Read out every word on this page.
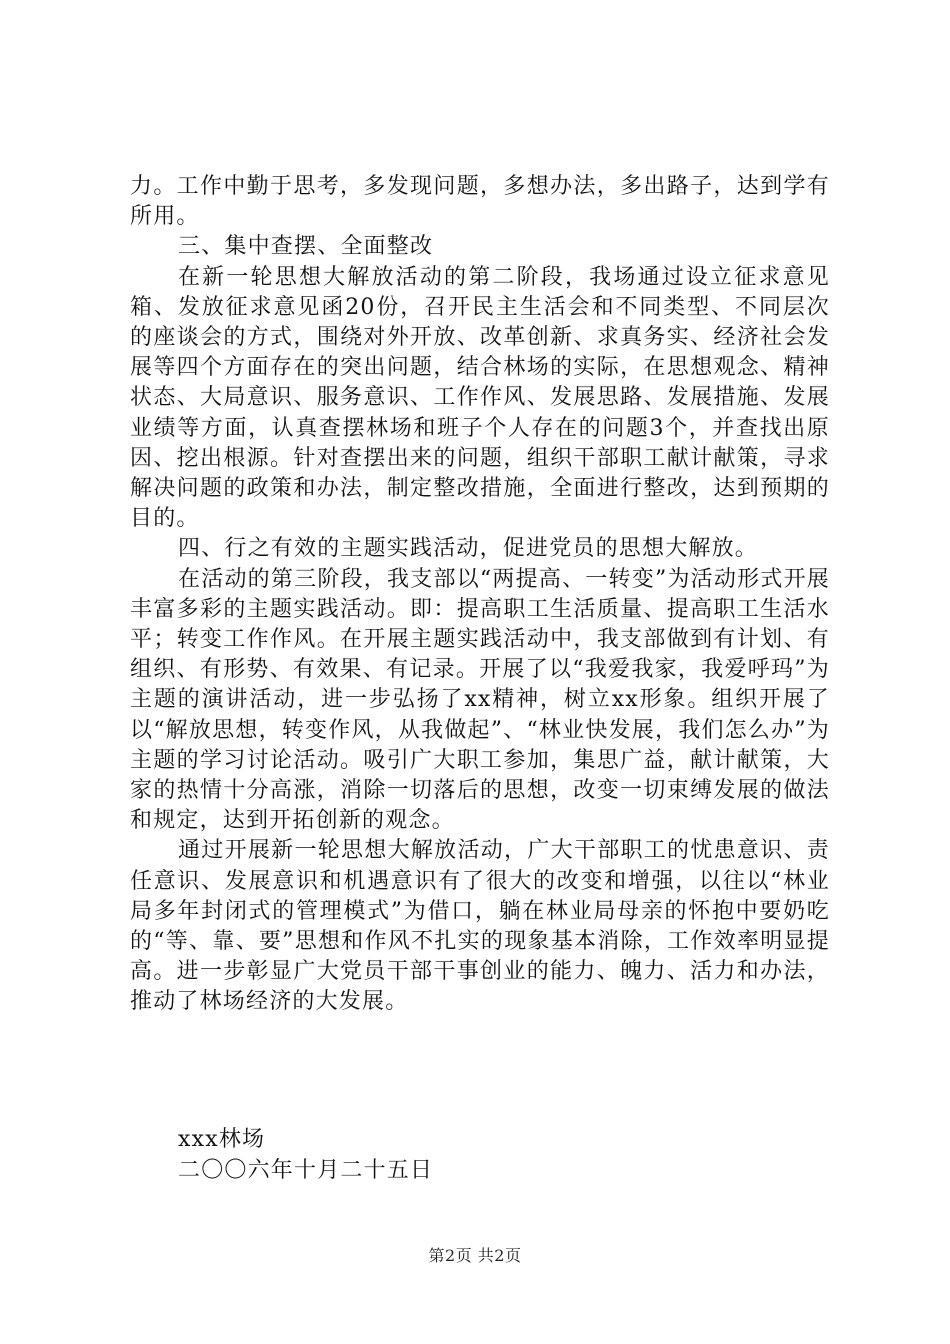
力。工作中勤于思考，多发现问题，多想办法，多出路子，达到学有所用。

三、集中查摆、全面整改

在新一轮思想大解放活动的第二阶段，我场通过设立征求意见箱、发放征求意见函20份，召开民主生活会和不同类型、不同层次的座谈会的方式，围绕对外开放、改革创新、求真务实、经济社会发展等四个方面存在的突出问题，结合林场的实际，在思想观念、精神状态、大局意识、服务意识、工作作风、发展思路、发展措施、发展业绩等方面，认真查摆林场和班子个人存在的问题3个，并查找出原因、挖出根源。针对查摆出来的问题，组织干部职工献计献策，寻求解决问题的政策和办法，制定整改措施，全面进行整改，达到预期的目的。

四、行之有效的主题实践活动，促进党员的思想大解放。

在活动的第三阶段，我支部以“两提高、一转变”为活动形式开展丰富多彩的主题实践活动。即：提高职工生活质量、提高职工生活水平；转变工作作风。在开展主题实践活动中，我支部做到有计划、有组织、有形势、有效果、有记录。开展了以“我爱我家，我爱呼玛”为主题的演讲活动，进一步弘扬了xx精神，树立xx形象。组织开展了以“解放思想，转变作风，从我做起”、“林业快发展，我们怎么办”为主题的学习讨论活动。吸引广大职工参加，集思广益，献计献策，大家的热情十分高涨，消除一切落后的思想，改变一切束缚发展的做法和规定，达到开拓创新的观念。

通过开展新一轮思想大解放活动，广大干部职工的忧患意识、责任意识、发展意识和机遇意识有了很大的改变和增强，以往以“林业局多年封闭式的管理模式”为借口，躺在林业局母亲的怀抱中要奶吃的“等、靠、要”思想和作风不扎实的现象基本消除，工作效率明显提高。进一步彰显广大党员干部干事创业的能力、魄力、活力和办法，推动了林场经济的大发展。

xxx林场
二〇〇六年十月二十五日
第2页 共2页
